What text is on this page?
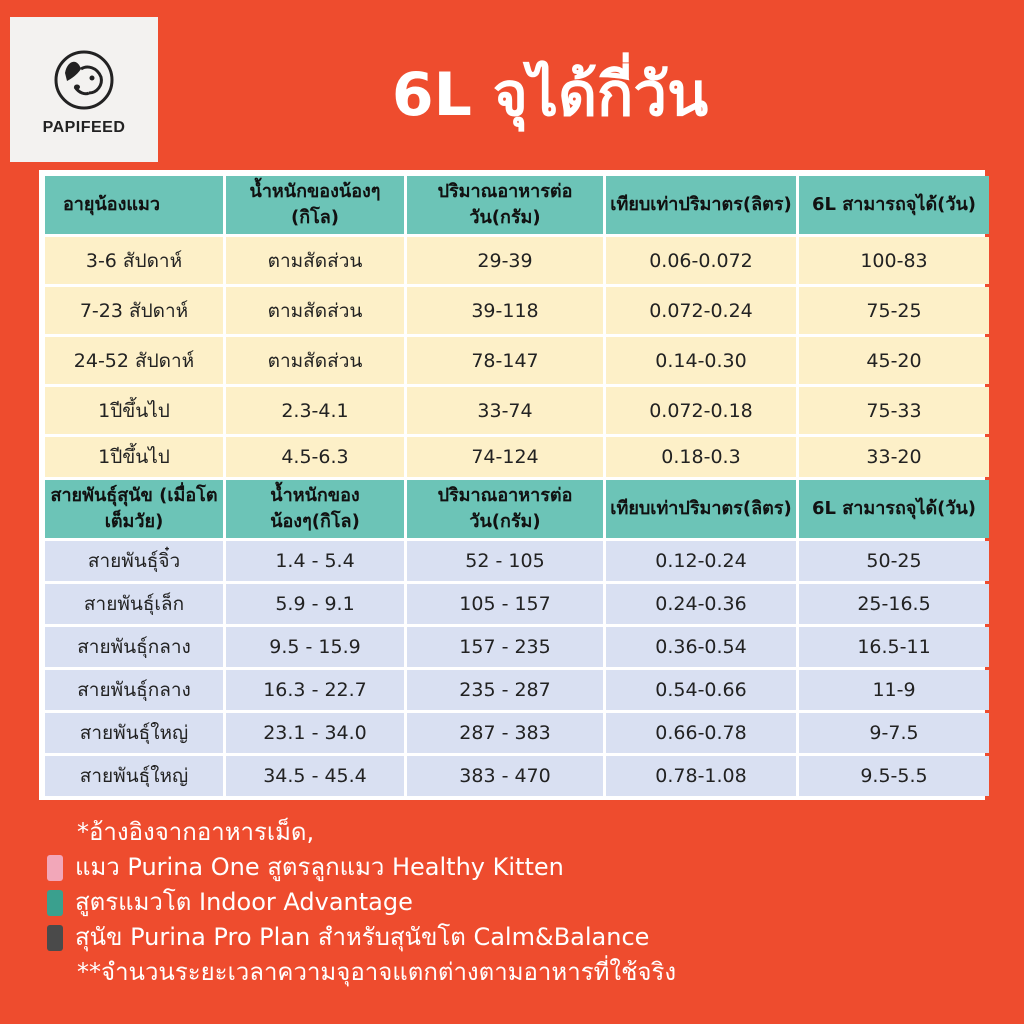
PAPIFEED	6L จุได้กี่วัน
อายุน้องแมว	น้ำหนักของน้องๆ (กิโล)	ปริมาณอาหารต่อวัน(กรัม)	เทียบเท่าปริมาตร(ลิตร)	6L สามารถจุได้(วัน)
3-6 สัปดาห์	ตามสัดส่วน	29-39	0.06-0.072	100-83
7-23 สัปดาห์	ตามสัดส่วน	39-118	0.072-0.24	75-25
24-52 สัปดาห์	ตามสัดส่วน	78-147	0.14-0.30	45-20
1ปีขึ้นไป	2.3-4.1	33-74	0.072-0.18	75-33
1ปีขึ้นไป	4.5-6.3	74-124	0.18-0.3	33-20
สายพันธุ์สุนัข (เมื่อโตเต็มวัย)	น้ำหนักของน้องๆ(กิโล)	ปริมาณอาหารต่อวัน(กรัม)	เทียบเท่าปริมาตร(ลิตร)	6L สามารถจุได้(วัน)
สายพันธุ์จิ๋ว	1.4 - 5.4	52 - 105	0.12-0.24	50-25
สายพันธุ์เล็ก	5.9 - 9.1	105 - 157	0.24-0.36	25-16.5
สายพันธุ์กลาง	9.5 - 15.9	157 - 235	0.36-0.54	16.5-11
สายพันธุ์กลาง	16.3 - 22.7	235 - 287	0.54-0.66	11-9
สายพันธุ์ใหญ่	23.1 - 34.0	287 - 383	0.66-0.78	9-7.5
สายพันธุ์ใหญ่	34.5 - 45.4	383 - 470	0.78-1.08	9.5-5.5
*อ้างอิงจากอาหารเม็ด,
แมว Purina One สูตรลูกแมว Healthy Kitten
สูตรแมวโต Indoor Advantage
สุนัข Purina Pro Plan สำหรับสุนัขโต Calm&Balance
**จำนวนระยะเวลาความจุอาจแตกต่างตามอาหารที่ใช้จริง
